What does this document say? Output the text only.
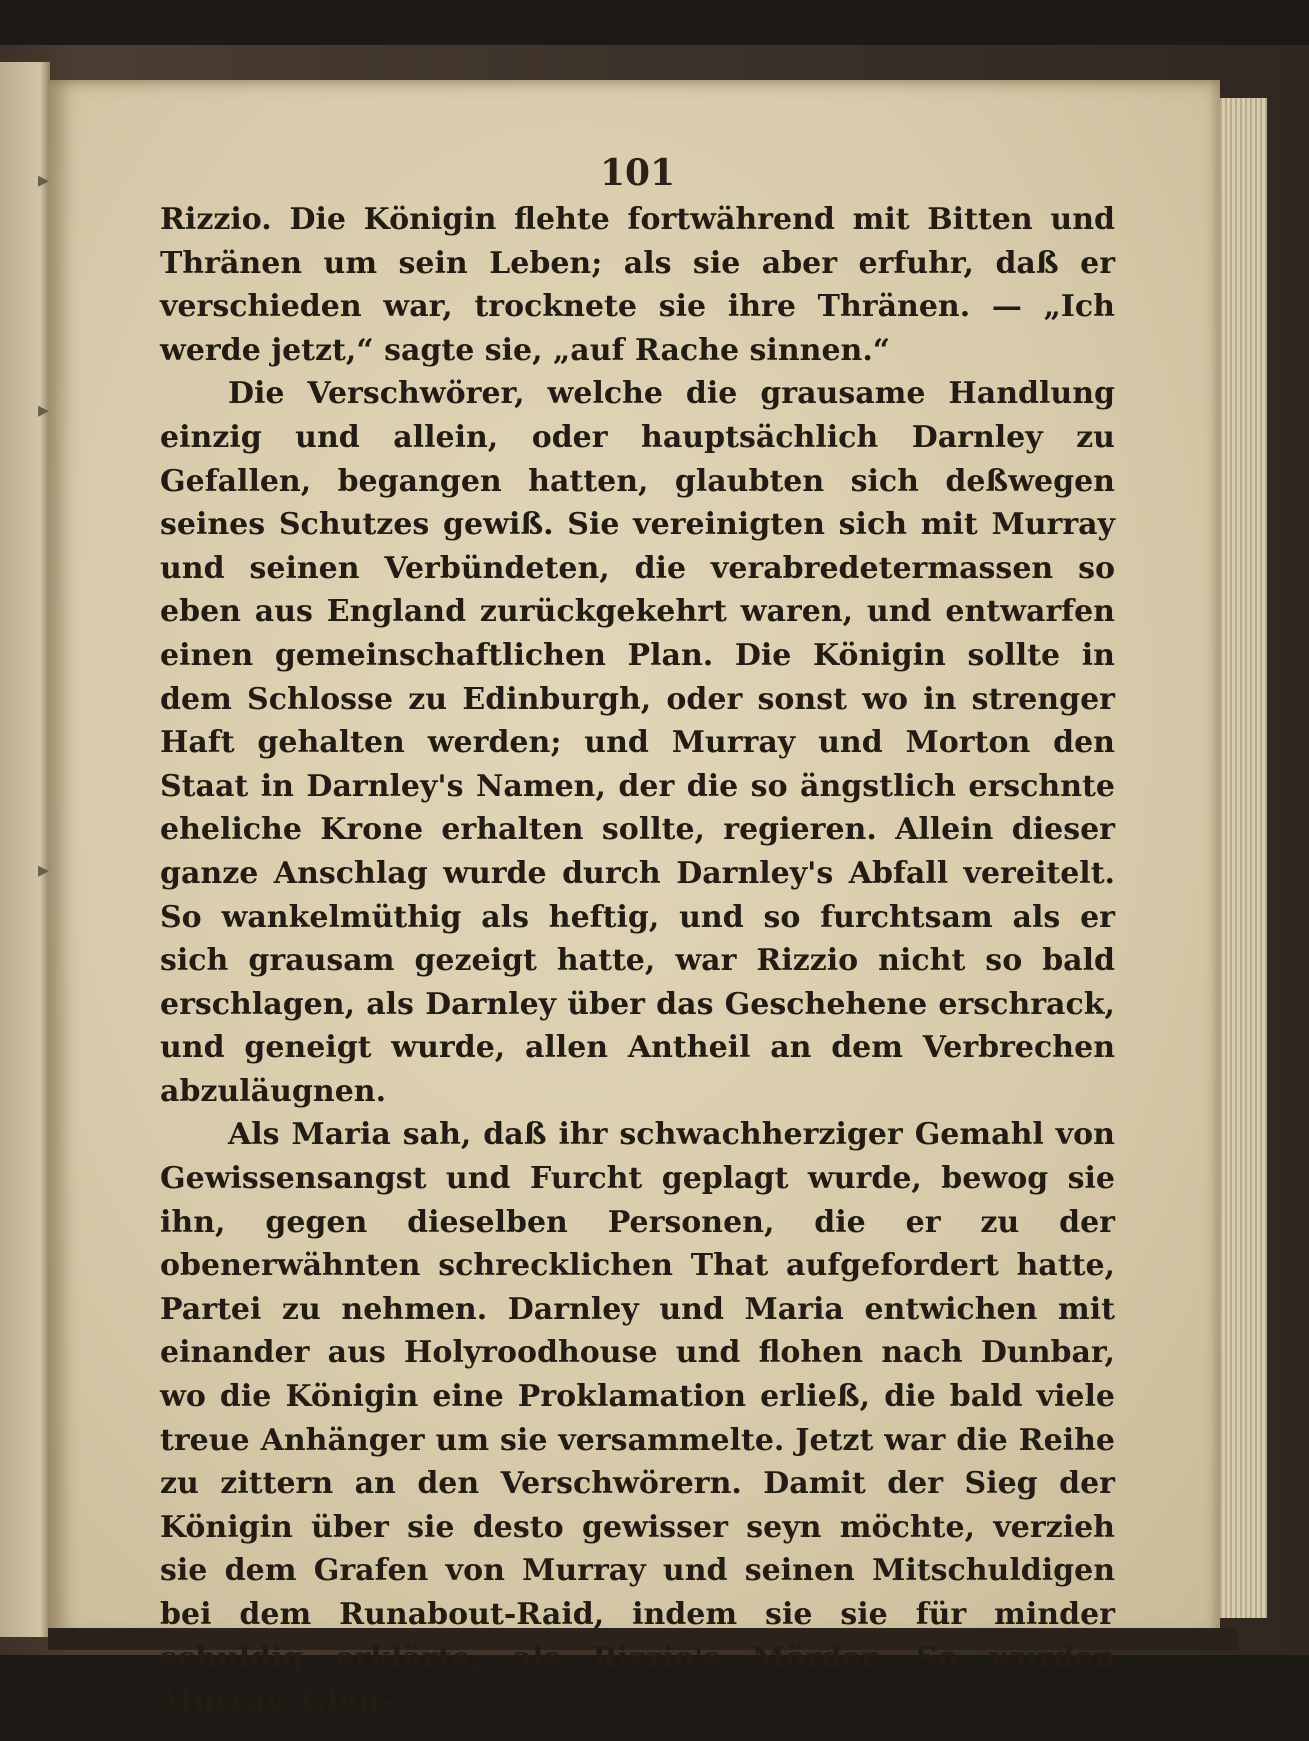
▸
▸
▸
101

Rizzio. Die Königin flehte fortwährend mit Bitten und Thränen um sein Leben; als sie aber erfuhr, daß er verschieden war, trocknete sie ihre Thränen. — „Ich werde jetzt,“ sagte sie, „auf Rache sinnen.“

Die Verschwörer, welche die grausame Handlung einzig und allein, oder hauptsächlich Darnley zu Gefallen, begangen hatten, glaubten sich deßwegen seines Schutzes gewiß. Sie vereinigten sich mit Murray und seinen Verbündeten, die verabredetermassen so eben aus England zurückgekehrt waren, und entwarfen einen gemeinschaftlichen Plan. Die Königin sollte in dem Schlosse zu Edinburgh, oder sonst wo in strenger Haft gehalten werden; und Murray und Morton den Staat in Darnley's Namen, der die so ängstlich erschnte eheliche Krone erhalten sollte, regieren. Allein dieser ganze Anschlag wurde durch Darnley's Abfall vereitelt. So wankelmüthig als heftig, und so furchtsam als er sich grausam gezeigt hatte, war Rizzio nicht so bald erschlagen, als Darnley über das Geschehene erschrack, und geneigt wurde, allen Antheil an dem Verbrechen abzuläugnen.

Als Maria sah, daß ihr schwachherziger Gemahl von Gewissensangst und Furcht geplagt wurde, bewog sie ihn, gegen dieselben Personen, die er zu der obenerwähnten schrecklichen That aufgefordert hatte, Partei zu nehmen. Darnley und Maria entwichen mit einander aus Holyroodhouse und flohen nach Dunbar, wo die Königin eine Proklamation erließ, die bald viele treue Anhänger um sie versammelte. Jetzt war die Reihe zu zittern an den Verschwörern. Damit der Sieg der Königin über sie desto gewisser seyn möchte, verzieh sie dem Grafen von Murray und seinen Mitschuldigen bei dem Runabout-Raid, indem sie sie für minder schuldig erklärte, als Rizzio's Mörder. So wurden Murray, Glen-
